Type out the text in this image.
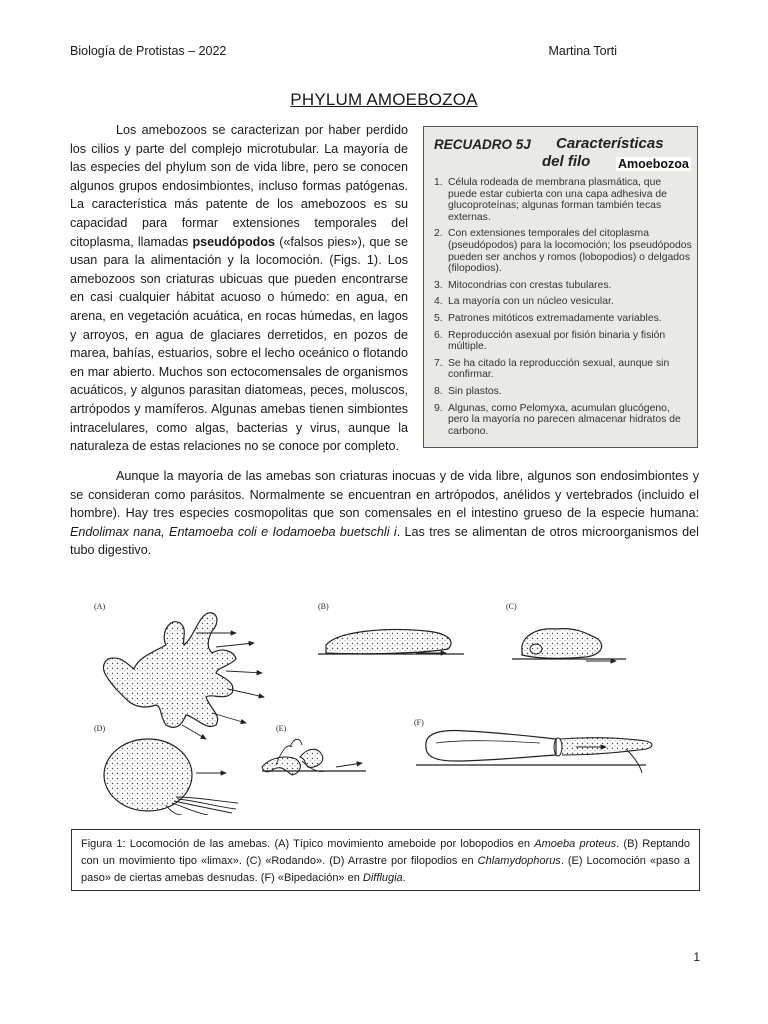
Biología de Protistas – 2022	Martina Torti
PHYLUM AMOEBOZOA

Los amebozoos se caracterizan por haber perdido los cilios y parte del complejo microtubular. La mayoría de las especies del phylum son de vida libre, pero se conocen algunos grupos endosimbiontes, incluso formas patógenas. La característica más patente de los amebozoos es su capacidad para formar extensiones temporales del citoplasma, llamadas pseudópodos («falsos pies»), que se usan para la alimentación y la locomoción. (Figs. 1). Los amebozoos son criaturas ubicuas que pueden encontrarse en casi cualquier hábitat acuoso o húmedo: en agua, en arena, en vegetación acuática, en rocas húmedas, en lagos y arroyos, en agua de glaciares derretidos, en pozos de marea, bahías, estuarios, sobre el lecho oceánico o flotando en mar abierto. Muchos son ectocomensales de organismos acuáticos, y algunos parasitan diatomeas, peces, moluscos, artrópodos y mamíferos. Algunas amebas tienen simbiontes intracelulares, como algas, bacterias y virus, aunque la naturaleza de estas relaciones no se conoce por completo.

RECUADRO 5J Características
del filo Amoebozoa
1. Célula rodeada de membrana plasmática, que puede estar cubierta con una capa adhesiva de glucoproteínas; algunas forman también tecas externas.
2. Con extensiones temporales del citoplasma (pseudópodos) para la locomoción; los pseudópodos pueden ser anchos y romos (lobopodios) o delgados (filopodios).
3. Mitocondrias con crestas tubulares.
4. La mayoría con un núcleo vesicular.
5. Patrones mitóticos extremadamente variables.
6. Reproducción asexual por fisión binaria y fisión múltiple.
7. Se ha citado la reproducción sexual, aunque sin confirmar.
8. Sin plastos.
9. Algunas, como Pelomyxa, acumulan glucógeno, pero la mayoría no parecen almacenar hidratos de carbono.

Aunque la mayoría de las amebas son criaturas inocuas y de vida libre, algunos son endosimbiontes y se consideran como parásitos. Normalmente se encuentran en artrópodos, anélidos y vertebrados (incluido el hombre). Hay tres especies cosmopolitas que son comensales en el intestino grueso de la especie humana: Endolimax nana, Entamoeba coli e Iodamoeba buetschli i. Las tres se alimentan de otros microorganismos del tubo digestivo.

(A)	(B)	(C)
(D)	(E)
(F)
Figura 1: Locomoción de las amebas. (A) Típico movimiento ameboide por lobopodios en Amoeba proteus. (B) Reptando con un movimiento tipo «limax». (C) «Rodando». (D) Arrastre por filopodios en Chlamydophorus. (E) Locomoción «paso a paso» de ciertas amebas desnudas. (F) «Bipedación» en Difflugia.
1
